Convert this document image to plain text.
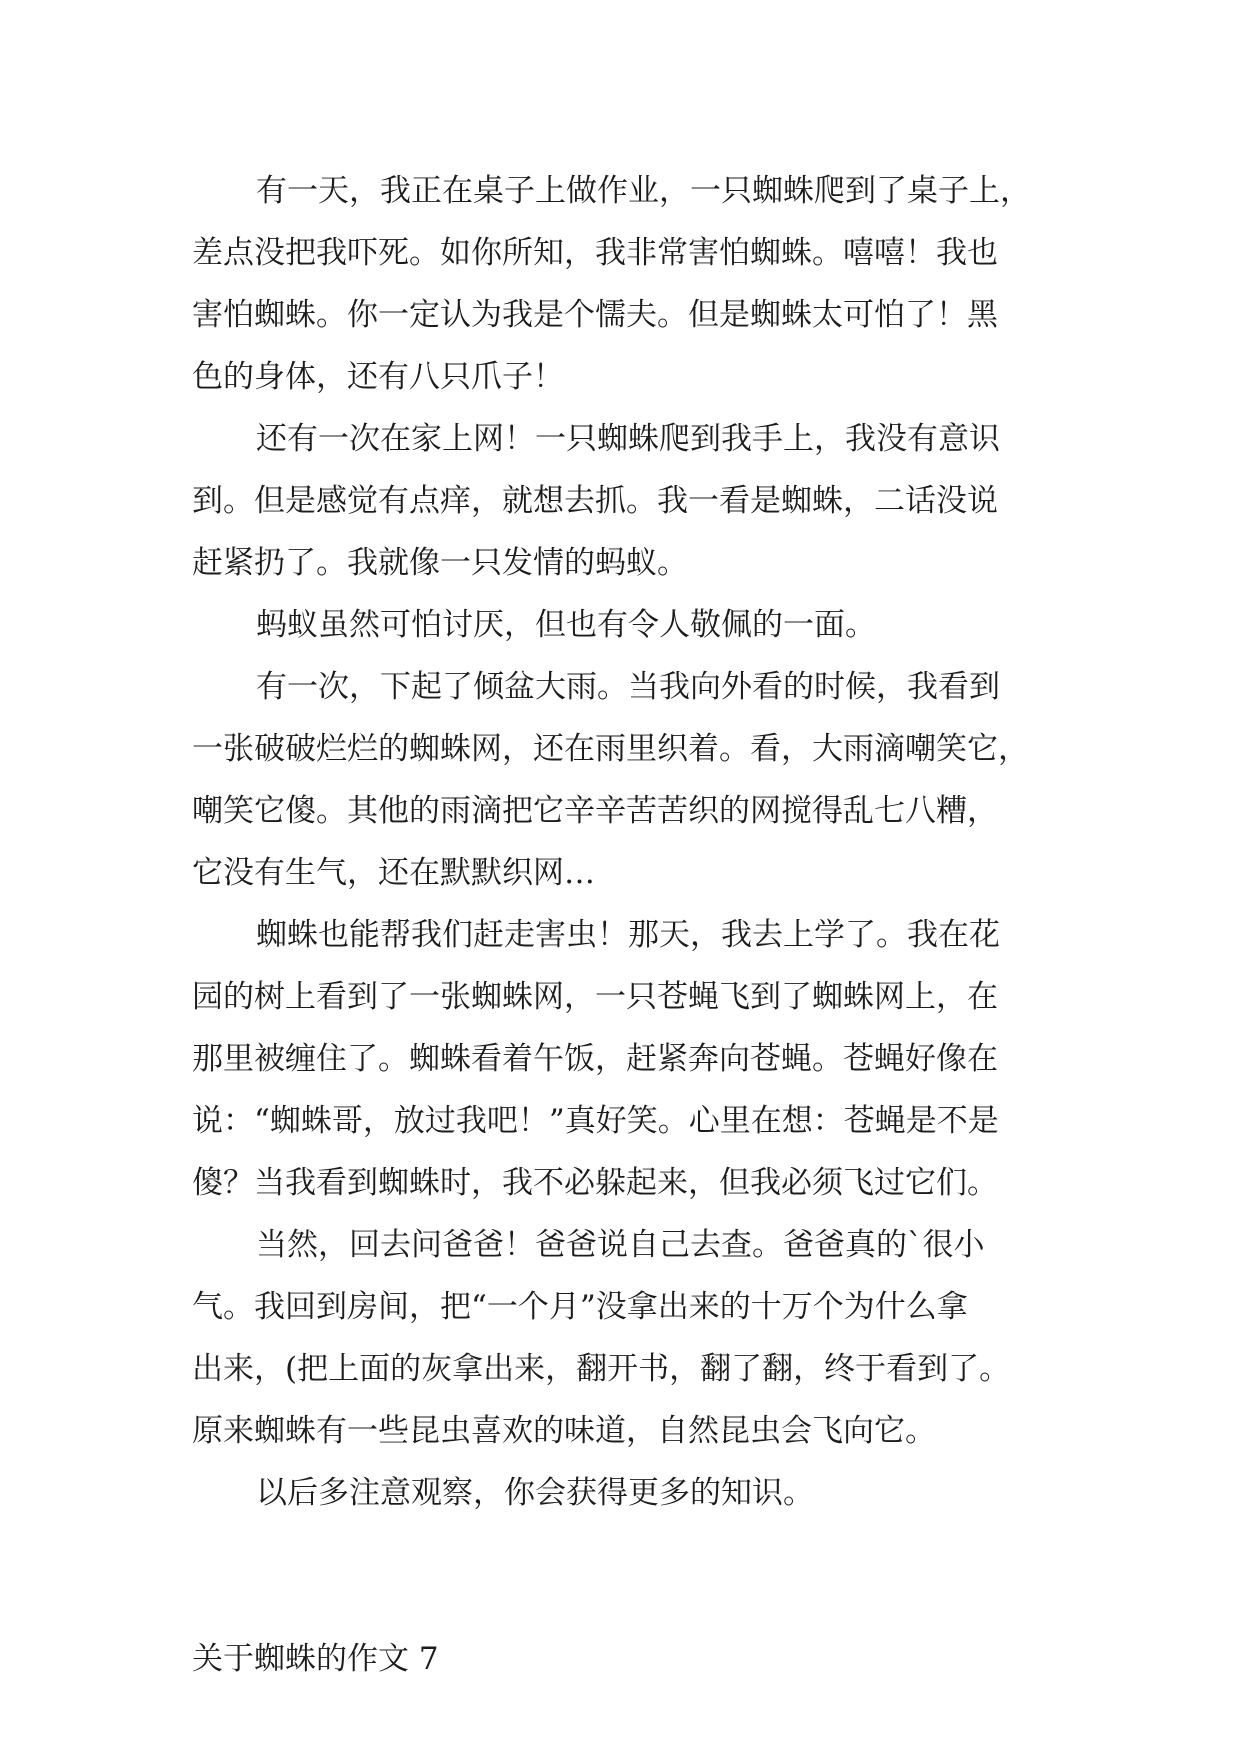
有一天，我正在桌子上做作业，一只蜘蛛爬到了桌子上，
差点没把我吓死。如你所知，我非常害怕蜘蛛。嘻嘻！我也
害怕蜘蛛。你一定认为我是个懦夫。但是蜘蛛太可怕了！黑
色的身体，还有八只爪子！
还有一次在家上网！一只蜘蛛爬到我手上，我没有意识
到。但是感觉有点痒，就想去抓。我一看是蜘蛛，二话没说
赶紧扔了。我就像一只发情的蚂蚁。
蚂蚁虽然可怕讨厌，但也有令人敬佩的一面。
有一次，下起了倾盆大雨。当我向外看的时候，我看到
一张破破烂烂的蜘蛛网，还在雨里织着。看，大雨滴嘲笑它，
嘲笑它傻。其他的雨滴把它辛辛苦苦织的网搅得乱七八糟，
它没有生气，还在默默织网…
蜘蛛也能帮我们赶走害虫！那天，我去上学了。我在花
园的树上看到了一张蜘蛛网，一只苍蝇飞到了蜘蛛网上，在
那里被缠住了。蜘蛛看着午饭，赶紧奔向苍蝇。苍蝇好像在
说：“蜘蛛哥，放过我吧！”真好笑。心里在想：苍蝇是不是
傻？当我看到蜘蛛时，我不必躲起来，但我必须飞过它们。
当然，回去问爸爸！爸爸说自己去查。爸爸真的`很小
气。我回到房间，把“一个月”没拿出来的十万个为什么拿
出来，(把上面的灰拿出来，翻开书，翻了翻，终于看到了。
原来蜘蛛有一些昆虫喜欢的味道，自然昆虫会飞向它。
以后多注意观察，你会获得更多的知识。
关于蜘蛛的作文 7
